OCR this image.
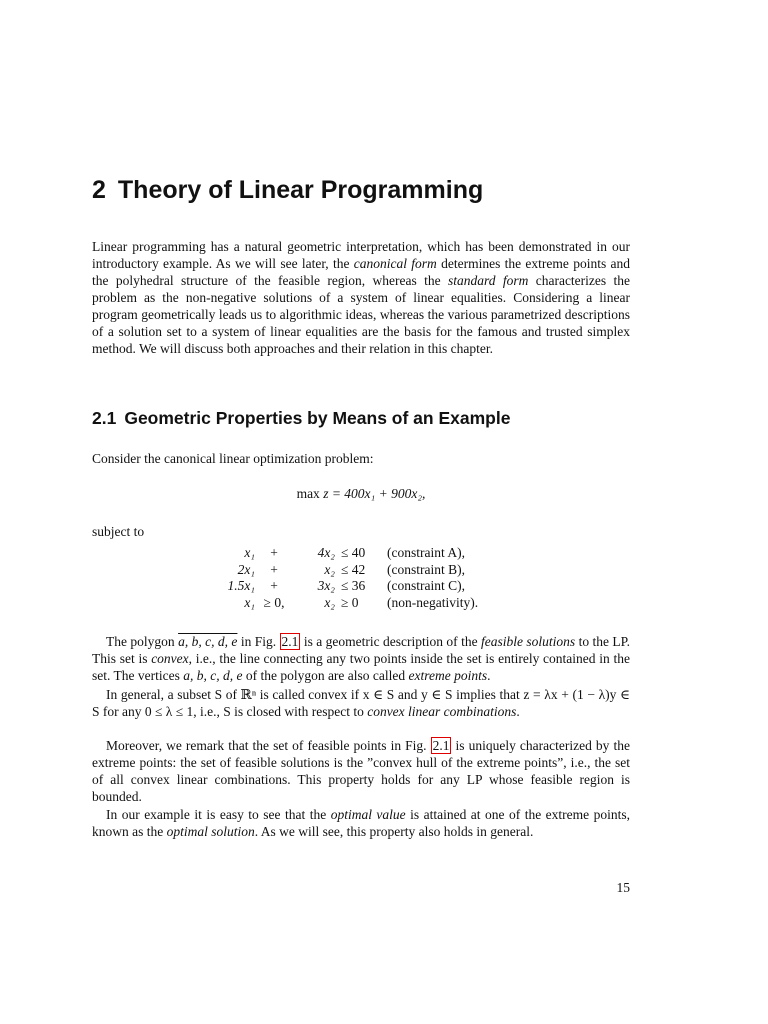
2 Theory of Linear Programming

Linear programming has a natural geometric interpretation, which has been demonstrated in our introductory example. As we will see later, the canonical form determines the extreme points and the polyhedral structure of the feasible region, whereas the standard form characterizes the problem as the non-negative solutions of a system of linear equalities. Considering a linear program geometrically leads us to algorithmic ideas, whereas the various parametrized descriptions of a solution set to a system of linear equalities are the basis for the famous and trusted simplex method. We will discuss both approaches and their relation in this chapter.

2.1 Geometric Properties by Means of an Example

Consider the canonical linear optimization problem:

max z = 400x₁ + 900x₂,

subject to

x₁	+	4x₂	≤ 40	(constraint A),
2x₁	+	x₂	≤ 42	(constraint B),
1.5x₁	+	3x₂	≤ 36	(constraint C),
x₁	≥ 0,	x₂	≥ 0	(non-negativity).

The polygon a, b, c, d, e in Fig. 2.1 is a geometric description of the feasible solutions to the LP. This set is convex, i.e., the line connecting any two points inside the set is entirely contained in the set. The vertices a, b, c, d, e of the polygon are also called extreme points.

In general, a subset S of ℝⁿ is called convex if x ∈ S and y ∈ S implies that z = λx + (1 − λ)y ∈ S for any 0 ≤ λ ≤ 1, i.e., S is closed with respect to convex linear combinations.

Moreover, we remark that the set of feasible points in Fig. 2.1 is uniquely characterized by the extreme points: the set of feasible solutions is the ”convex hull of the extreme points”, i.e., the set of all convex linear combinations. This property holds for any LP whose feasible region is bounded.

In our example it is easy to see that the optimal value is attained at one of the extreme points, known as the optimal solution. As we will see, this property also holds in general.

15
